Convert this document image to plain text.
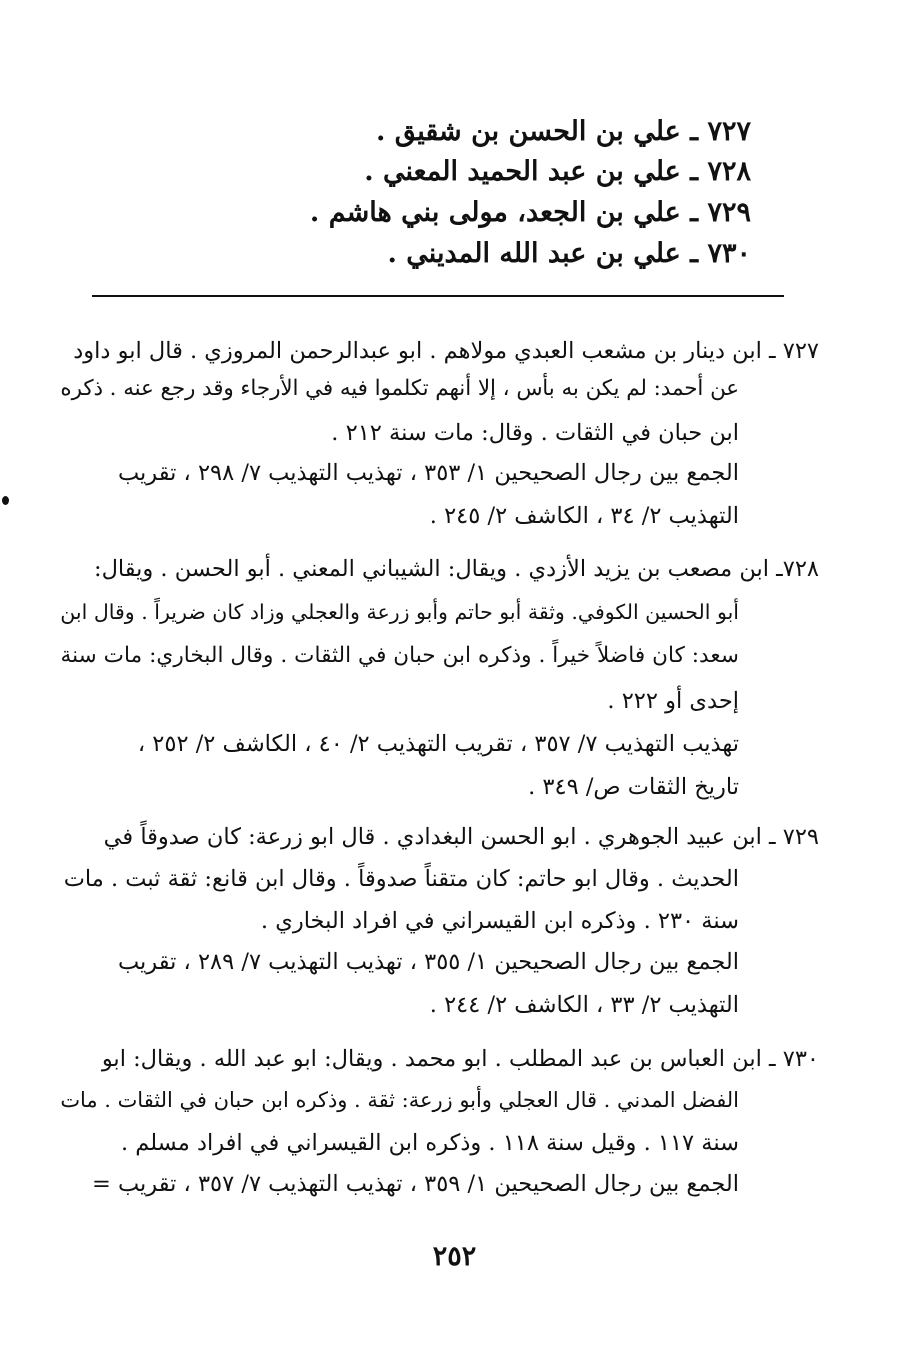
٧٢٧ ـ علي بن الحسن بن شقيق .
٧٢٨ ـ علي بن عبد الحميد المعني .
٧٢٩ ـ علي بن الجعد، مولى بني هاشم .
٧٣٠ ـ علي بن عبد الله المديني .
٧٢٧ ـ ابن دينار بن مشعب العبدي مولاهم . ابو عبدالرحمن المروزي . قال ابو داود
عن أحمد: لم يكن به بأس ، إلا أنهم تكلموا فيه في الأرجاء وقد رجع عنه . ذكره
ابن حبان في الثقات . وقال: مات سنة ٢١٢ .
الجمع بين رجال الصحيحين ١/ ٣٥٣ ، تهذيب التهذيب ٧/ ٢٩٨ ، تقريب
التهذيب ٢/ ٣٤ ، الكاشف ٢/ ٢٤٥ .
٧٢٨ـ ابن مصعب بن يزيد الأزدي . ويقال: الشيباني المعني . أبو الحسن . ويقال:
أبو الحسين الكوفي. وثقة أبو حاتم وأبو زرعة والعجلي وزاد كان ضريراً . وقال ابن
سعد: كان فاضلاً خيراً . وذكره ابن حبان في الثقات . وقال البخاري: مات سنة
إحدى أو ٢٢٢ .
تهذيب التهذيب ٧/ ٣٥٧ ، تقريب التهذيب ٢/ ٤٠ ، الكاشف ٢/ ٢٥٢ ،
تاريخ الثقات ص/ ٣٤٩ .
٧٢٩ ـ ابن عبيد الجوهري . ابو الحسن البغدادي . قال ابو زرعة: كان صدوقاً في
الحديث . وقال ابو حاتم: كان متقناً صدوقاً . وقال ابن قانع: ثقة ثبت . مات
سنة ٢٣٠ . وذكره ابن القيسراني في افراد البخاري .
الجمع بين رجال الصحيحين ١/ ٣٥٥ ، تهذيب التهذيب ٧/ ٢٨٩ ، تقريب
التهذيب ٢/ ٣٣ ، الكاشف ٢/ ٢٤٤ .
٧٣٠ ـ ابن العباس بن عبد المطلب . ابو محمد . ويقال: ابو عبد الله . ويقال: ابو
الفضل المدني . قال العجلي وأبو زرعة: ثقة . وذكره ابن حبان في الثقات . مات
سنة ١١٧ . وقيل سنة ١١٨ . وذكره ابن القيسراني في افراد مسلم .
الجمع بين رجال الصحيحين ١/ ٣٥٩ ، تهذيب التهذيب ٧/ ٣٥٧ ، تقريب =
٢٥٢
